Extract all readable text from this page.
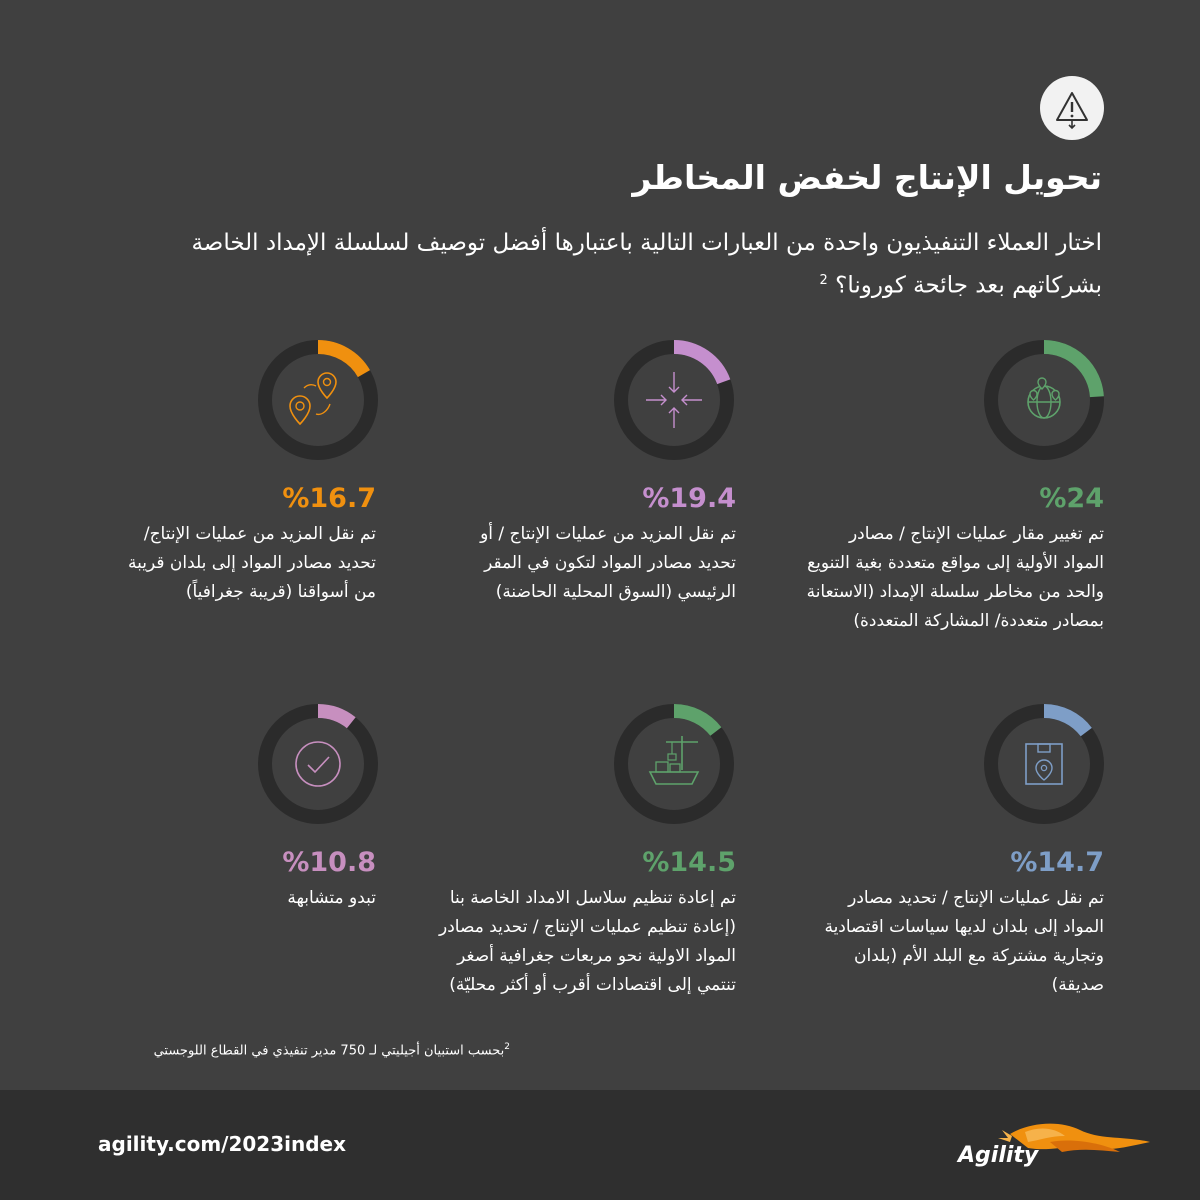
تحويل الإنتاج لخفض المخاطر
اختار العملاء التنفيذيون واحدة من العبارات التالية باعتبارها أفضل توصيف لسلسلة الإمداد الخاصة بشركاتهم بعد جائحة كورونا؟ $^2$
%24
تم تغيير مقار عمليات الإنتاج / مصادر المواد الأولية إلى مواقع متعددة بغية التنويع والحد من مخاطر سلسلة الإمداد (الاستعانة بمصادر متعددة/ المشاركة المتعددة)
%19.4
تم نقل المزيد من عمليات الإنتاج / أو تحديد مصادر المواد لتكون في المقر الرئيسي (السوق المحلية الحاضنة)
%16.7
تم نقل المزيد من عمليات الإنتاج/ تحديد مصادر المواد إلى بلدان قريبة من أسواقنا (قريبة جغرافياً)
%14.7
تم نقل عمليات الإنتاج / تحديد مصادر المواد إلى بلدان لديها سياسات اقتصادية وتجارية مشتركة مع البلد الأم (بلدان صديقة)
%14.5
تم إعادة تنظيم سلاسل الامداد الخاصة بنا (إعادة تنظيم عمليات الإنتاج / تحديد مصادر المواد الاولية نحو مربعات جغرافية أصغر تنتمي إلى اقتصادات أقرب أو أكثر محليّة)
%10.8
تبدو متشابهة
$^2$بحسب استبيان أجيليتي لـ 750 مدير تنفيذي في القطاع اللوجستي
agility.com/2023index	Agility
